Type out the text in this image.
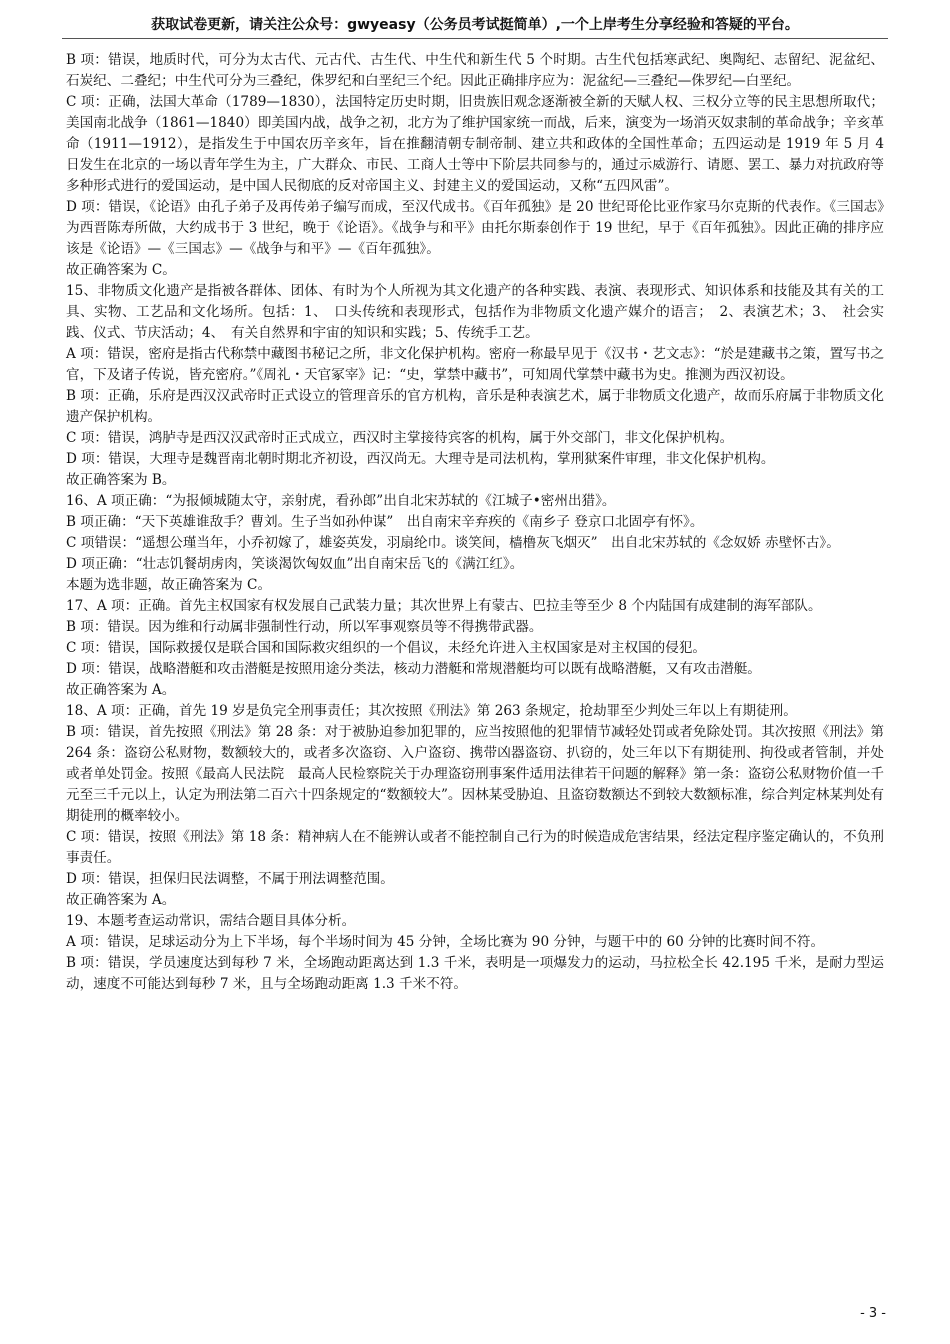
获取试卷更新，请关注公众号：gwyeasy（公务员考试挺简单）,一个上岸考生分享经验和答疑的平台。

B 项：错误，地质时代，可分为太古代、元古代、古生代、中生代和新生代 5 个时期。古生代包括寒武纪、奥陶纪、志留纪、泥盆纪、石炭纪、二叠纪；中生代可分为三叠纪，侏罗纪和白垩纪三个纪。因此正确排序应为：泥盆纪—三叠纪—侏罗纪—白垩纪。

C 项：正确，法国大革命（1789—1830），法国特定历史时期，旧贵族旧观念逐渐被全新的天赋人权、三权分立等的民主思想所取代；美国南北战争（1861—1840）即美国内战，战争之初，北方为了维护国家统一而战，后来，演变为一场消灭奴隶制的革命战争；辛亥革命（1911—1912），是指发生于中国农历辛亥年，旨在推翻清朝专制帝制、建立共和政体的全国性革命；五四运动是 1919 年 5 月 4 日发生在北京的一场以青年学生为主，广大群众、市民、工商人士等中下阶层共同参与的，通过示威游行、请愿、罢工、暴力对抗政府等多种形式进行的爱国运动，是中国人民彻底的反对帝国主义、封建主义的爱国运动，又称“五四风雷”。

D 项：错误，《论语》由孔子弟子及再传弟子编写而成，至汉代成书。《百年孤独》是 20 世纪哥伦比亚作家马尔克斯的代表作。《三国志》为西晋陈寿所做，大约成书于 3 世纪，晚于《论语》。《战争与和平》由托尔斯泰创作于 19 世纪，早于《百年孤独》。因此正确的排序应该是《论语》—《三国志》—《战争与和平》—《百年孤独》。

故正确答案为 C。

15、非物质文化遗产是指被各群体、团体、有时为个人所视为其文化遗产的各种实践、表演、表现形式、知识体系和技能及其有关的工具、实物、工艺品和文化场所。包括：1、　口头传统和表现形式，包括作为非物质文化遗产媒介的语言；　2、表演艺术；3、　社会实践、仪式、节庆活动；4、　有关自然界和宇宙的知识和实践；5、传统手工艺。

A 项：错误，密府是指古代称禁中藏图书秘记之所，非文化保护机构。密府一称最早见于《汉书・艺文志》：“於是建藏书之策，置写书之官，下及诸子传说，皆充密府。”《周礼・天官冢宰》记：“史，掌禁中藏书”，可知周代掌禁中藏书为史。推测为西汉初设。

B 项：正确，乐府是西汉汉武帝时正式设立的管理音乐的官方机构，音乐是种表演艺术，属于非物质文化遗产，故而乐府属于非物质文化遗产保护机构。

C 项：错误，鸿胪寺是西汉汉武帝时正式成立，西汉时主掌接待宾客的机构，属于外交部门，非文化保护机构。

D 项：错误，大理寺是魏晋南北朝时期北齐初设，西汉尚无。大理寺是司法机构，掌刑狱案件审理，非文化保护机构。

故正确答案为 B。

16、A 项正确：“为报倾城随太守，亲射虎，看孙郎”出自北宋苏轼的《江城子•密州出猎》。

B 项正确：“天下英雄谁敌手？曹刘。生子当如孙仲谋”　出自南宋辛弃疾的《南乡子 登京口北固亭有怀》。

C 项错误：“遥想公瑾当年，小乔初嫁了，雄姿英发，羽扇纶巾。谈笑间，樯橹灰飞烟灭”　出自北宋苏轼的《念奴娇 赤壁怀古》。

D 项正确：“壮志饥餐胡虏肉，笑谈渴饮匈奴血”出自南宋岳飞的《满江红》。

本题为选非题，故正确答案为 C。

17、A 项：正确。首先主权国家有权发展自己武装力量；其次世界上有蒙古、巴拉圭等至少 8 个内陆国有成建制的海军部队。

B 项：错误。因为维和行动属非强制性行动，所以军事观察员等不得携带武器。

C 项：错误，国际救援仅是联合国和国际救灾组织的一个倡议，未经允许进入主权国家是对主权国的侵犯。

D 项：错误，战略潜艇和攻击潜艇是按照用途分类法，核动力潜艇和常规潜艇均可以既有战略潜艇，又有攻击潜艇。

故正确答案为 A。

18、A 项：正确，首先 19 岁是负完全刑事责任；其次按照《刑法》第 263 条规定，抢劫罪至少判处三年以上有期徒刑。

B 项：错误，首先按照《刑法》第 28 条：对于被胁迫参加犯罪的，应当按照他的犯罪情节减轻处罚或者免除处罚。其次按照《刑法》第 264 条：盗窃公私财物，数额较大的，或者多次盗窃、入户盗窃、携带凶器盗窃、扒窃的，处三年以下有期徒刑、拘役或者管制，并处或者单处罚金。按照《最高人民法院　最高人民检察院关于办理盗窃刑事案件适用法律若干问题的解释》第一条：盗窃公私财物价值一千元至三千元以上，认定为刑法第二百六十四条规定的“数额较大”。因林某受胁迫、且盗窃数额达不到较大数额标准，综合判定林某判处有期徒刑的概率较小。

C 项：错误，按照《刑法》第 18 条：精神病人在不能辨认或者不能控制自己行为的时候造成危害结果，经法定程序鉴定确认的，不负刑事责任。

D 项：错误，担保归民法调整，不属于刑法调整范围。

故正确答案为 A。

19、本题考查运动常识，需结合题目具体分析。

A 项：错误，足球运动分为上下半场，每个半场时间为 45 分钟，全场比赛为 90 分钟，与题干中的 60 分钟的比赛时间不符。

B 项：错误，学员速度达到每秒 7 米，全场跑动距离达到 1.3 千米，表明是一项爆发力的运动，马拉松全长 42.195 千米，是耐力型运动，速度不可能达到每秒 7 米，且与全场跑动距离 1.3 千米不符。

- 3 -
